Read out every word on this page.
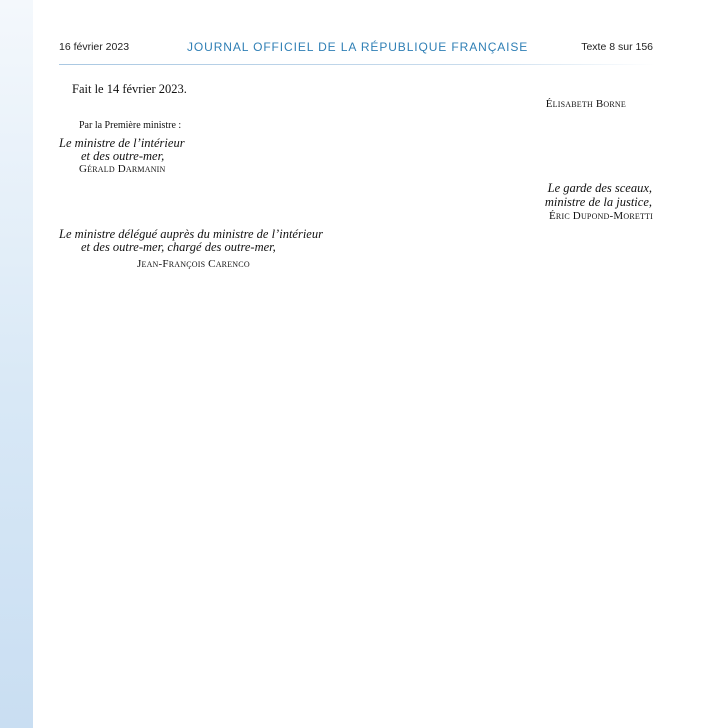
16 février 2023	JOURNAL OFFICIEL DE LA RÉPUBLIQUE FRANÇAISE	Texte 8 sur 156
Fait le 14 février 2023.
Élisabeth Borne
Par la Première ministre :
Le ministre de l’intérieur
et des outre-mer,
Gérald Darmanin
Le garde des sceaux,
ministre de la justice,
Éric Dupond-Moretti
Le ministre délégué auprès du ministre de l’intérieur
et des outre-mer, chargé des outre-mer,
Jean-François Carenco
